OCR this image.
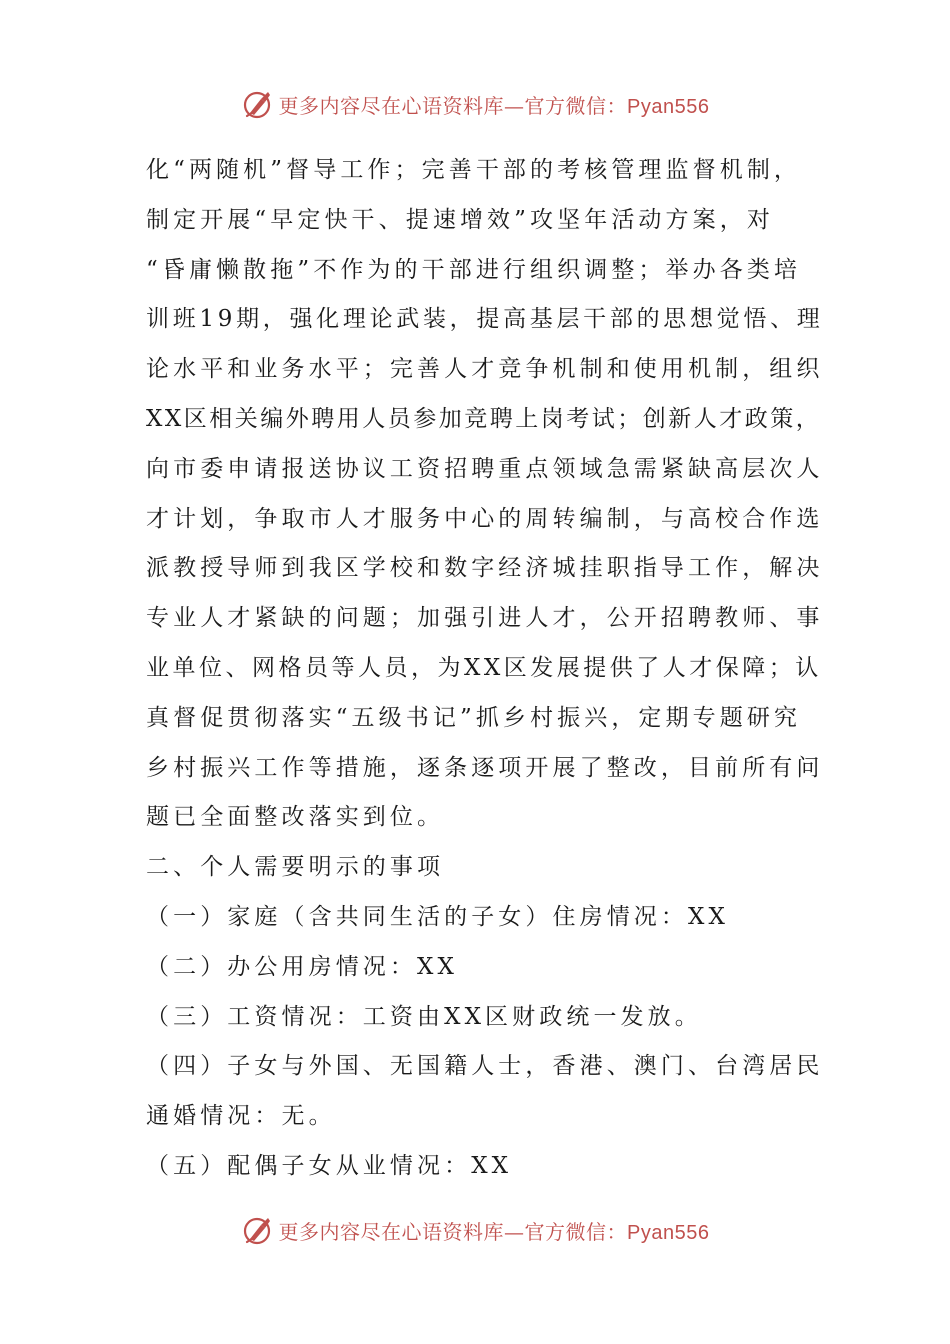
更多内容尽在心语资料库—官方微信：Pyan556
化“两随机”督导工作；完善干部的考核管理监督机制，
制定开展“早定快干、提速增效”攻坚年活动方案，对
“昏庸懒散拖”不作为的干部进行组织调整；举办各类培
训班19期，强化理论武装，提高基层干部的思想觉悟、理
论水平和业务水平；完善人才竞争机制和使用机制，组织
XX区相关编外聘用人员参加竞聘上岗考试；创新人才政策，
向市委申请报送协议工资招聘重点领域急需紧缺高层次人
才计划，争取市人才服务中心的周转编制，与高校合作选
派教授导师到我区学校和数字经济城挂职指导工作，解决
专业人才紧缺的问题；加强引进人才，公开招聘教师、事
业单位、网格员等人员，为XX区发展提供了人才保障；认
真督促贯彻落实“五级书记”抓乡村振兴，定期专题研究
乡村振兴工作等措施，逐条逐项开展了整改，目前所有问
题已全面整改落实到位。
二、个人需要明示的事项
（一）家庭（含共同生活的子女）住房情况：XX
（二）办公用房情况：XX
（三）工资情况：工资由XX区财政统一发放。
（四）子女与外国、无国籍人士，香港、澳门、台湾居民
通婚情况：无。
（五）配偶子女从业情况：XX
更多内容尽在心语资料库—官方微信：Pyan556
